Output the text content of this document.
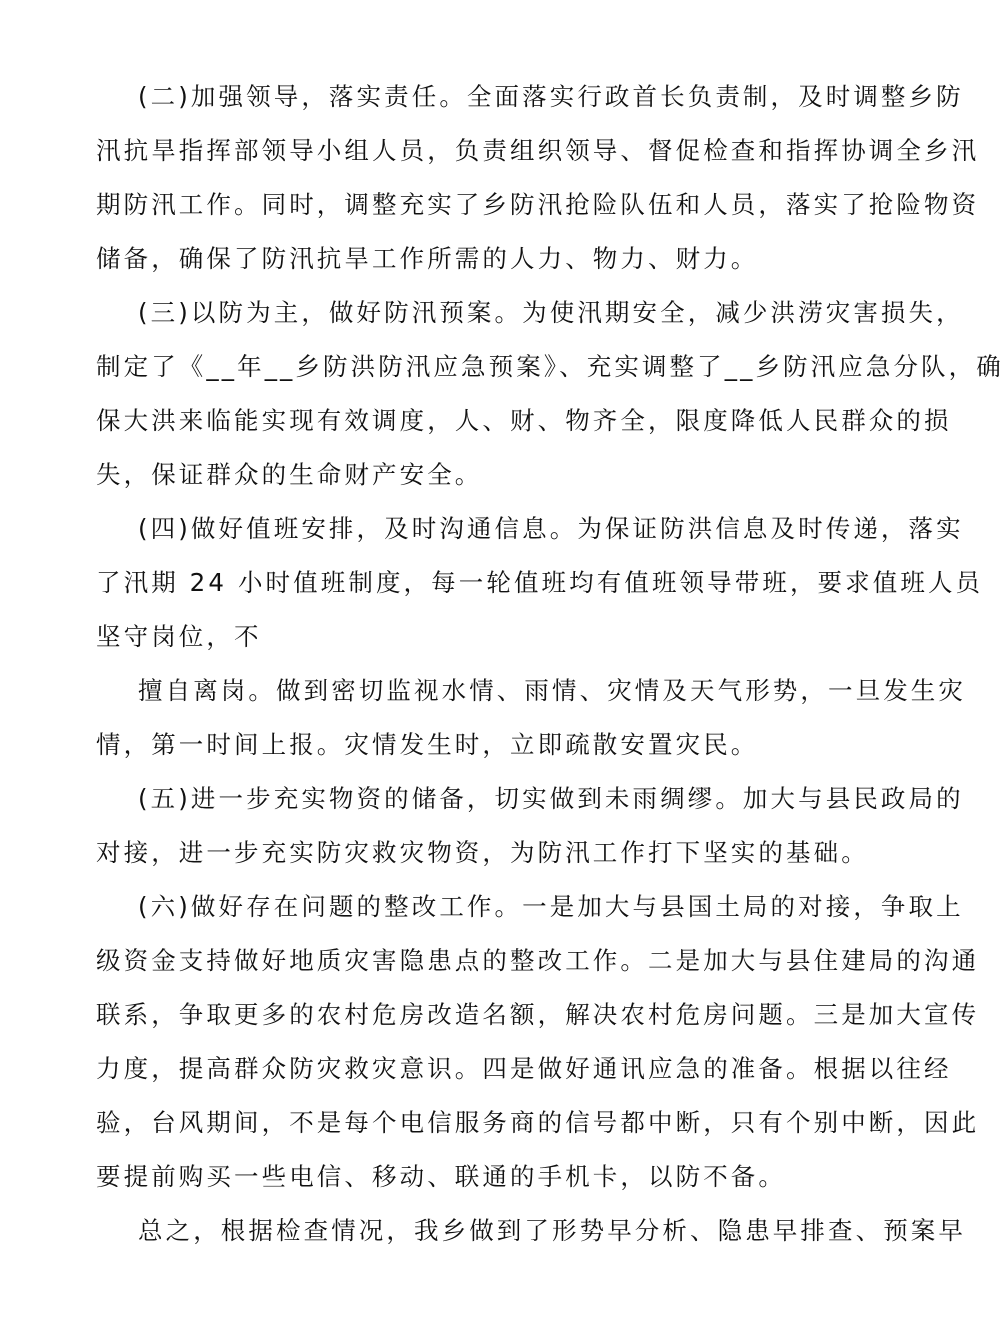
(二)加强领导，落实责任。全面落实行政首长负责制，及时调整乡防
汛抗旱指挥部领导小组人员，负责组织领导、督促检查和指挥协调全乡汛
期防汛工作。同时，调整充实了乡防汛抢险队伍和人员，落实了抢险物资
储备，确保了防汛抗旱工作所需的人力、物力、财力。

(三)以防为主，做好防汛预案。为使汛期安全，减少洪涝灾害损失，
制定了《__年__乡防洪防汛应急预案》、充实调整了__乡防汛应急分队，确
保大洪来临能实现有效调度，人、财、物齐全，限度降低人民群众的损
失，保证群众的生命财产安全。

(四)做好值班安排，及时沟通信息。为保证防洪信息及时传递，落实
了汛期 24 小时值班制度，每一轮值班均有值班领导带班，要求值班人员
坚守岗位，不

擅自离岗。做到密切监视水情、雨情、灾情及天气形势，一旦发生灾
情，第一时间上报。灾情发生时，立即疏散安置灾民。

(五)进一步充实物资的储备，切实做到未雨绸缪。加大与县民政局的
对接，进一步充实防灾救灾物资，为防汛工作打下坚实的基础。

(六)做好存在问题的整改工作。一是加大与县国土局的对接，争取上
级资金支持做好地质灾害隐患点的整改工作。二是加大与县住建局的沟通
联系，争取更多的农村危房改造名额，解决农村危房问题。三是加大宣传
力度，提高群众防灾救灾意识。四是做好通讯应急的准备。根据以往经
验，台风期间，不是每个电信服务商的信号都中断，只有个别中断，因此
要提前购买一些电信、移动、联通的手机卡，以防不备。

总之，根据检查情况，我乡做到了形势早分析、隐患早排查、预案早
